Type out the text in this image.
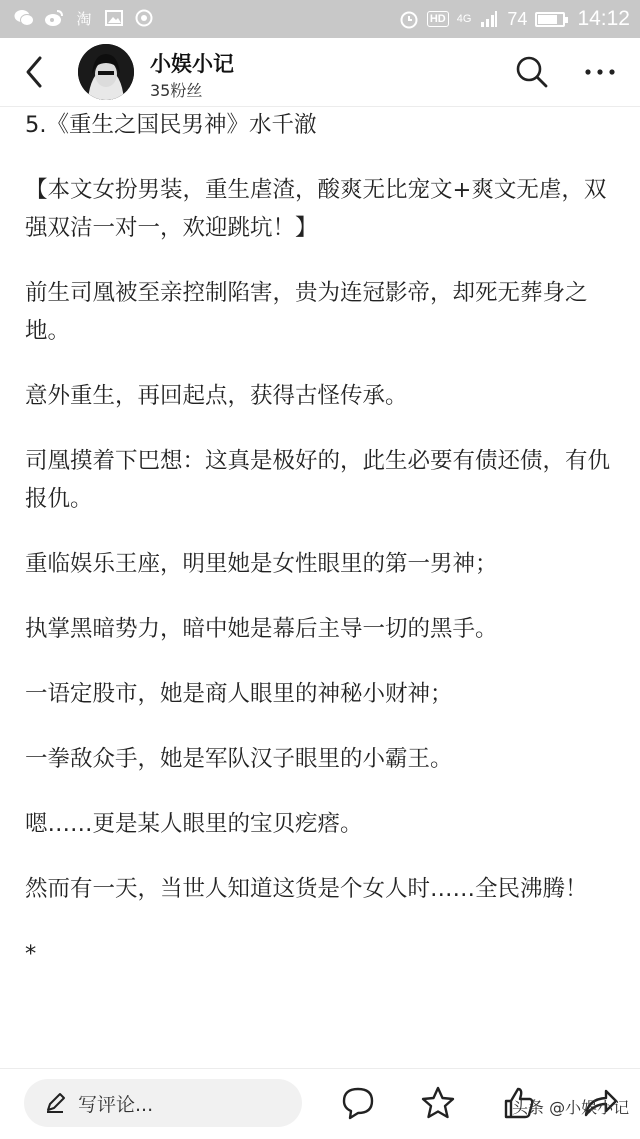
淘	HD 4G 74 14:12
小娱小记
35粉丝

5.《重生之国民男神》水千澈

【本文女扮男装，重生虐渣，酸爽无比宠文+爽文无虐，双强双洁一对一，欢迎跳坑！】

前生司凰被至亲控制陷害，贵为连冠影帝，却死无葬身之地。

意外重生，再回起点，获得古怪传承。

司凰摸着下巴想：这真是极好的，此生必要有债还债，有仇报仇。

重临娱乐王座，明里她是女性眼里的第一男神；

执掌黑暗势力，暗中她是幕后主导一切的黑手。

一语定股市，她是商人眼里的神秘小财神；

一拳敌众手，她是军队汉子眼里的小霸王。

嗯……更是某人眼里的宝贝疙瘩。

然而有一天，当世人知道这货是个女人时……全民沸腾！

*

写评论...	头条 @小娱小记
